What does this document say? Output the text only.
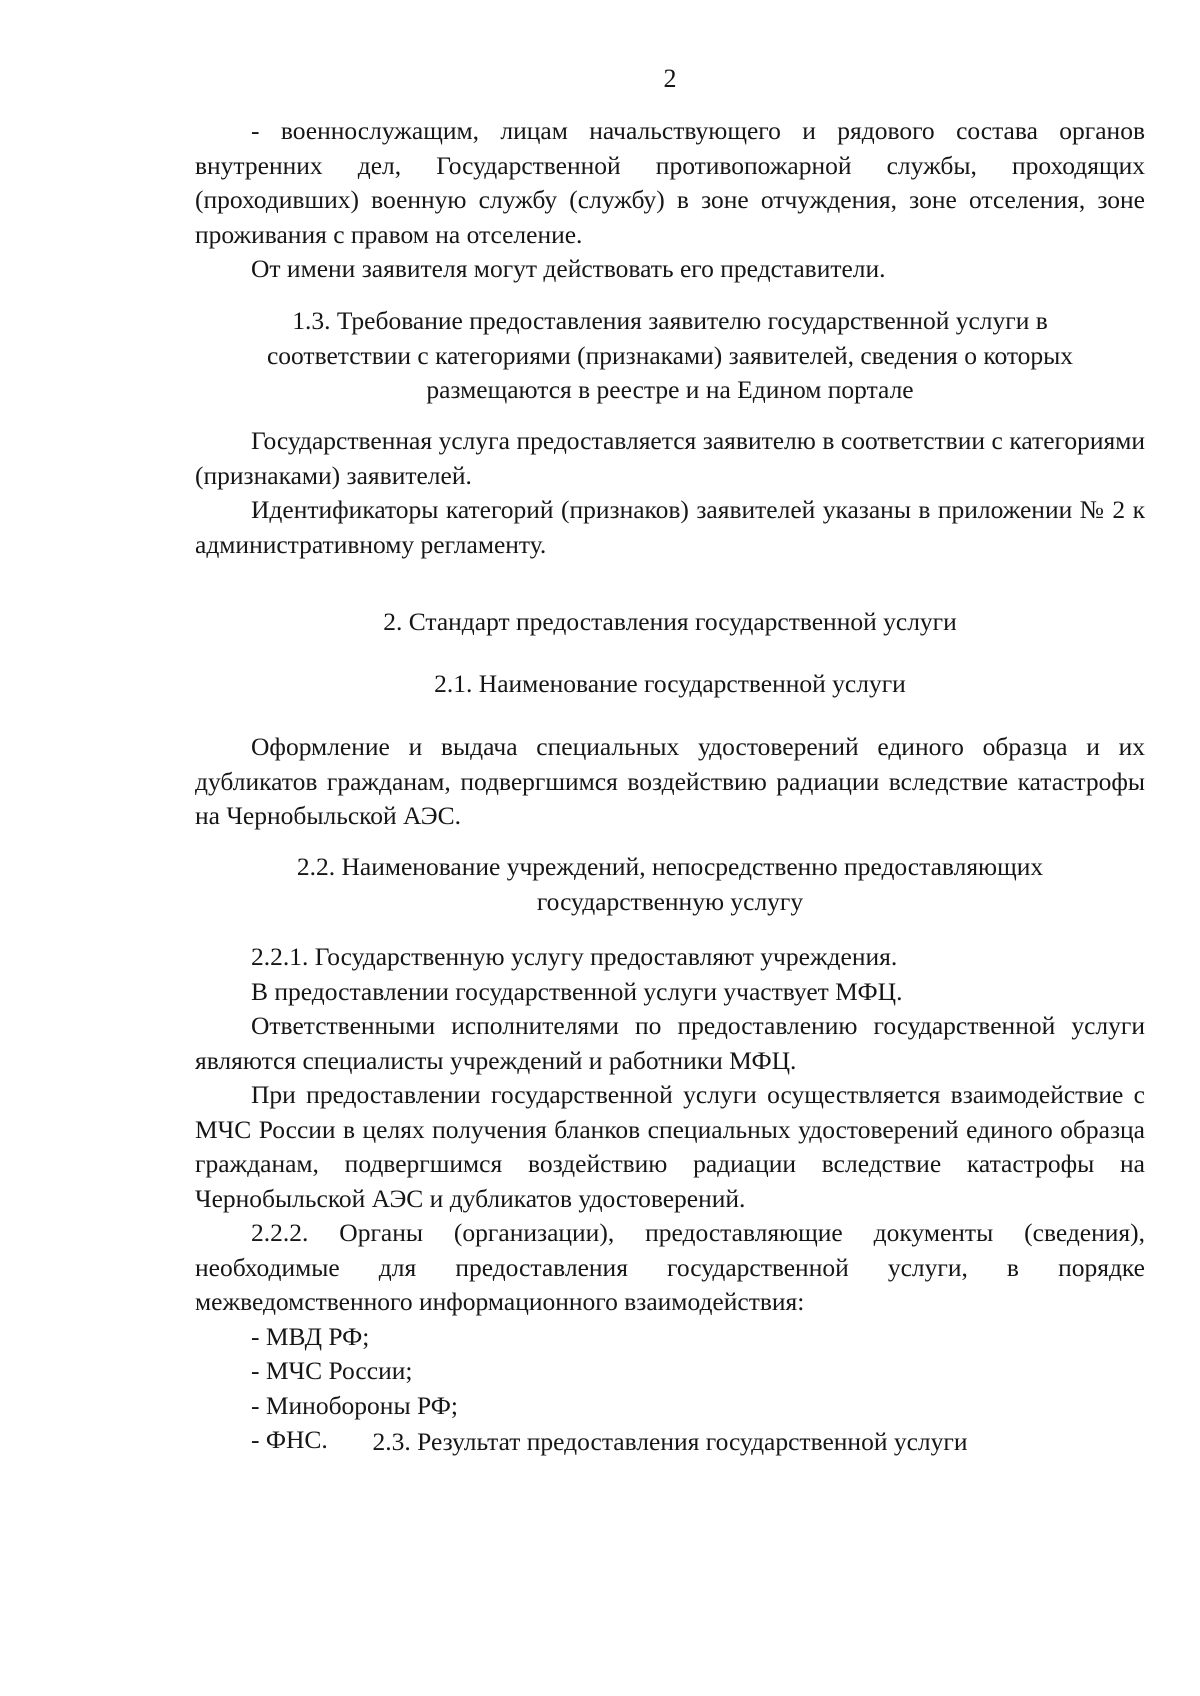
2

- военнослужащим, лицам начальствующего и рядового состава органов внутренних дел, Государственной противопожарной службы, проходящих (проходивших) военную службу (службу) в зоне отчуждения, зоне отселения, зоне проживания с правом на отселение.

От имени заявителя могут действовать его представители.

1.3. Требование предоставления заявителю государственной услуги в соответствии с категориями (признаками) заявителей, сведения о которых размещаются в реестре и на Едином портале

Государственная услуга предоставляется заявителю в соответствии с категориями (признаками) заявителей.

Идентификаторы категорий (признаков) заявителей указаны в приложении № 2 к административному регламенту.

2. Стандарт предоставления государственной услуги

2.1. Наименование государственной услуги

Оформление и выдача специальных удостоверений единого образца и их дубликатов гражданам, подвергшимся воздействию радиации вследствие катастрофы на Чернобыльской АЭС.

2.2. Наименование учреждений, непосредственно предоставляющих государственную услугу

2.2.1. Государственную услугу предоставляют учреждения.

В предоставлении государственной услуги участвует МФЦ.

Ответственными исполнителями по предоставлению государственной услуги являются специалисты учреждений и работники МФЦ.

При предоставлении государственной услуги осуществляется взаимодействие с МЧС России в целях получения бланков специальных удостоверений единого образца гражданам, подвергшимся воздействию радиации вследствие катастрофы на Чернобыльской АЭС и дубликатов удостоверений.

2.2.2. Органы (организации), предоставляющие документы (сведения), необходимые для предоставления государственной услуги, в порядке межведомственного информационного взаимодействия:

- МВД РФ;

- МЧС России;

- Минобороны РФ;

- ФНС.	2.3. Результат предоставления государственной услуги
